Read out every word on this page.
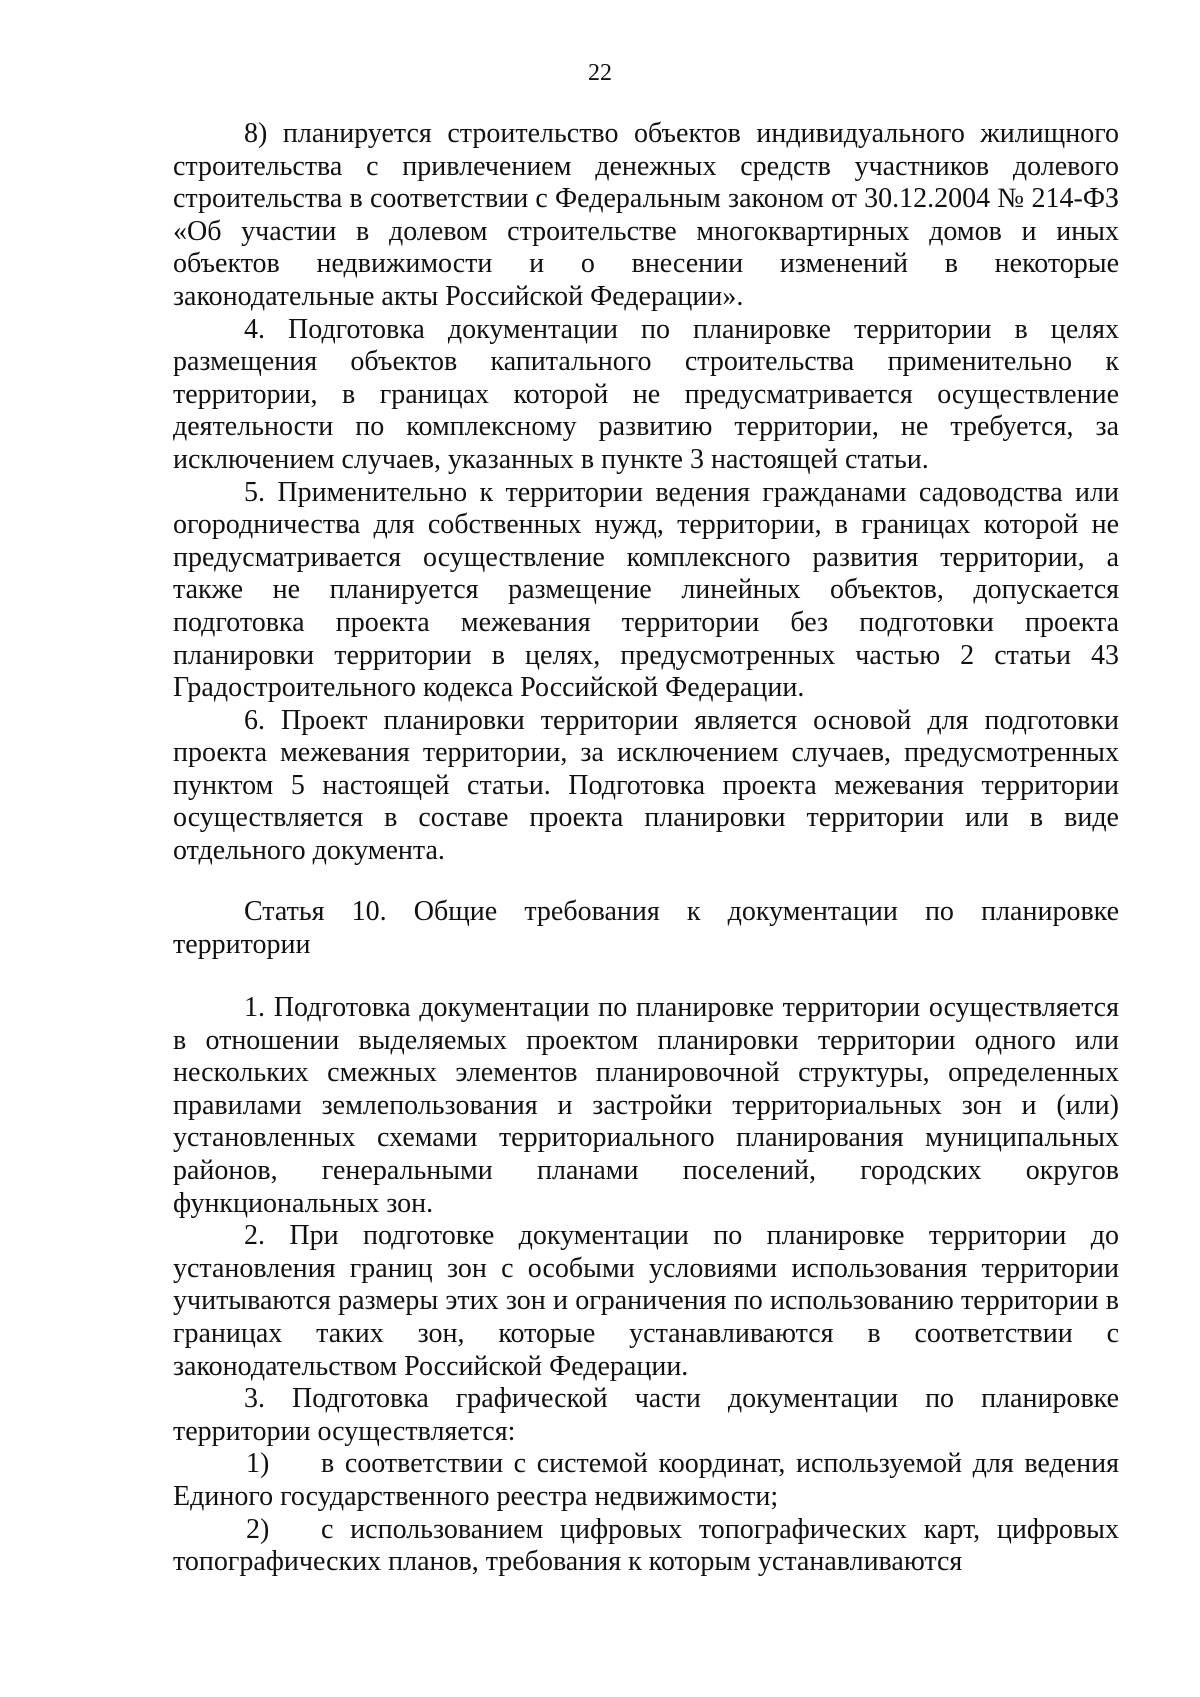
22

8) планируется строительство объектов индивидуального жилищного строительства с привлечением денежных средств участников долевого строительства в соответствии с Федеральным законом от 30.12.2004 № 214-ФЗ «Об участии в долевом строительстве многоквартирных домов и иных объектов недвижимости и о внесении изменений в некоторые законодательные акты Российской Федерации».

4. Подготовка документации по планировке территории в целях размещения объектов капитального строительства применительно к территории, в границах которой не предусматривается осуществление деятельности по комплексному развитию территории, не требуется, за исключением случаев, указанных в пункте 3 настоящей статьи.

5. Применительно к территории ведения гражданами садоводства или огородничества для собственных нужд, территории, в границах которой не предусматривается осуществление комплексного развития территории, а также не планируется размещение линейных объектов, допускается подготовка проекта межевания территории без подготовки проекта планировки территории в целях, предусмотренных частью 2 статьи 43 Градостроительного кодекса Российской Федерации.

6. Проект планировки территории является основой для подготовки проекта межевания территории, за исключением случаев, предусмотренных пунктом 5 настоящей статьи. Подготовка проекта межевания территории осуществляется в составе проекта планировки территории или в виде отдельного документа.

Статья 10. Общие требования к документации по планировке территории

1. Подготовка документации по планировке территории осуществляется в отношении выделяемых проектом планировки территории одного или нескольких смежных элементов планировочной структуры, определенных правилами землепользования и застройки территориальных зон и (или) установленных схемами территориального планирования муниципальных районов, генеральными планами поселений, городских округов функциональных зон.

2. При подготовке документации по планировке территории до установления границ зон с особыми условиями использования территории учитываются размеры этих зон и ограничения по использованию территории в границах таких зон, которые устанавливаются в соответствии с законодательством Российской Федерации.

3. Подготовка графической части документации по планировке территории осуществляется:

1) в соответствии с системой координат, используемой для ведения Единого государственного реестра недвижимости;

2) с использованием цифровых топографических карт, цифровых топографических планов, требования к которым устанавливаются
